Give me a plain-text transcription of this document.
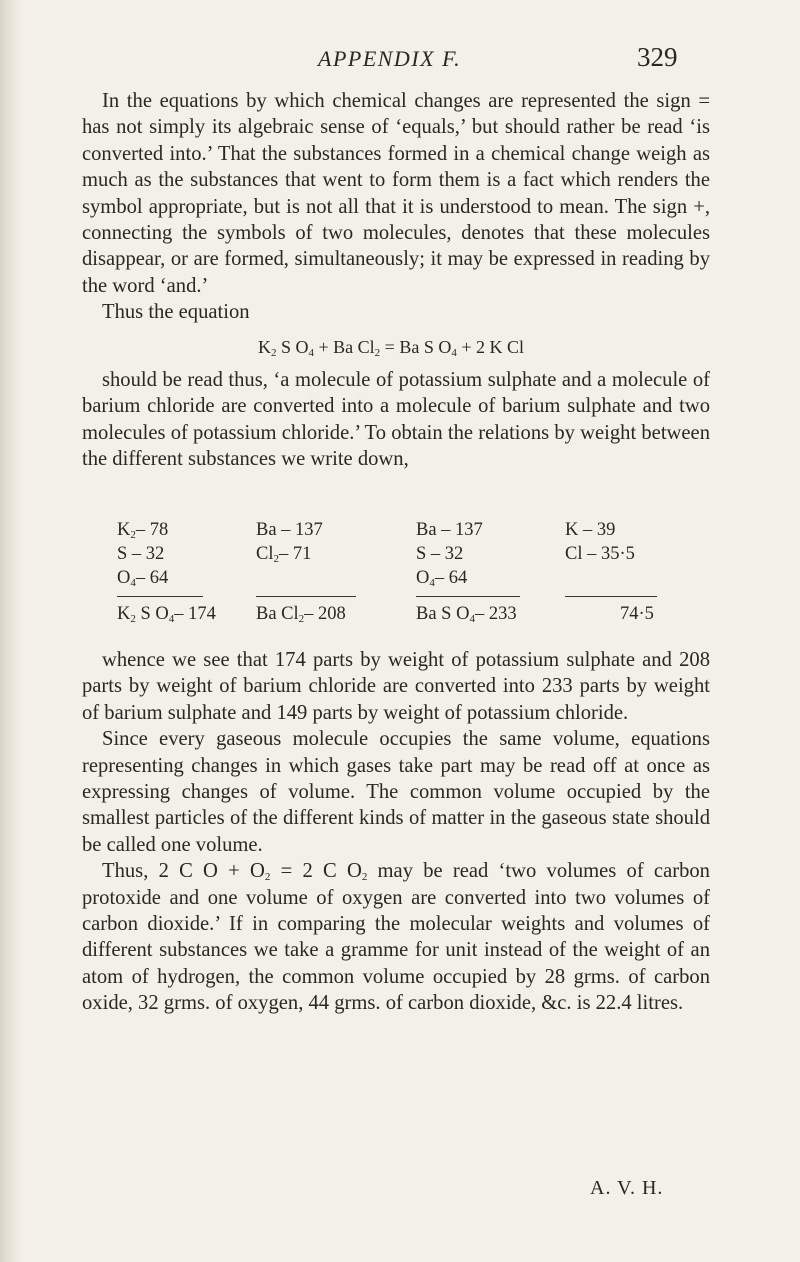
APPENDIX F.	329

In the equations by which chemical changes are represented the sign = has not simply its algebraic sense of ‘equals,’ but should rather be read ‘is converted into.’ That the substances formed in a chemical change weigh as much as the substances that went to form them is a fact which renders the symbol appropriate, but is not all that it is understood to mean. The sign +, connecting the symbols of two molecules, denotes that these molecules disappear, or are formed, simultaneously; it may be expressed in reading by the word ‘and.’

Thus the equation

$K_2$ S $O_4 + Ba$ $Cl_2 = Ba$ S $O_4 + 2$ K Cl

should be read thus, ‘a molecule of potassium sulphate and a molecule of barium chloride are converted into a molecule of barium sulphate and two molecules of potassium chloride.’ To obtain the relations by weight between the different substances we write down,

$K_2-$ 78
S – 32
$O_4-$ 64
$K_2$ S $O_4-$ 174
Ba – 137
$Cl_2-$ 71
Ba $Cl_2-$ 208
Ba – 137
S – 32
$O_4-$ 64
Ba S $O_4-$ 233
K – 39
Cl – 35·5
74·5

whence we see that 174 parts by weight of potassium sulphate and 208 parts by weight of barium chloride are converted into 233 parts by weight of barium sulphate and 149 parts by weight of potassium chloride.

Since every gaseous molecule occupies the same volume, equations representing changes in which gases take part may be read off at once as expressing changes of volume. The common volume occupied by the smallest particles of the different kinds of matter in the gaseous state should be called one volume.

Thus, 2 C $O + O_2 = 2$ C $O_2$ may be read ‘two volumes of carbon protoxide and one volume of oxygen are converted into two volumes of carbon dioxide.’ If in comparing the molecular weights and volumes of different substances we take a gramme for unit instead of the weight of an atom of hydrogen, the common volume occupied by 28 grms. of carbon oxide, 32 grms. of oxygen, 44 grms. of carbon dioxide, &c. is 22.4 litres.

A. V. H.
